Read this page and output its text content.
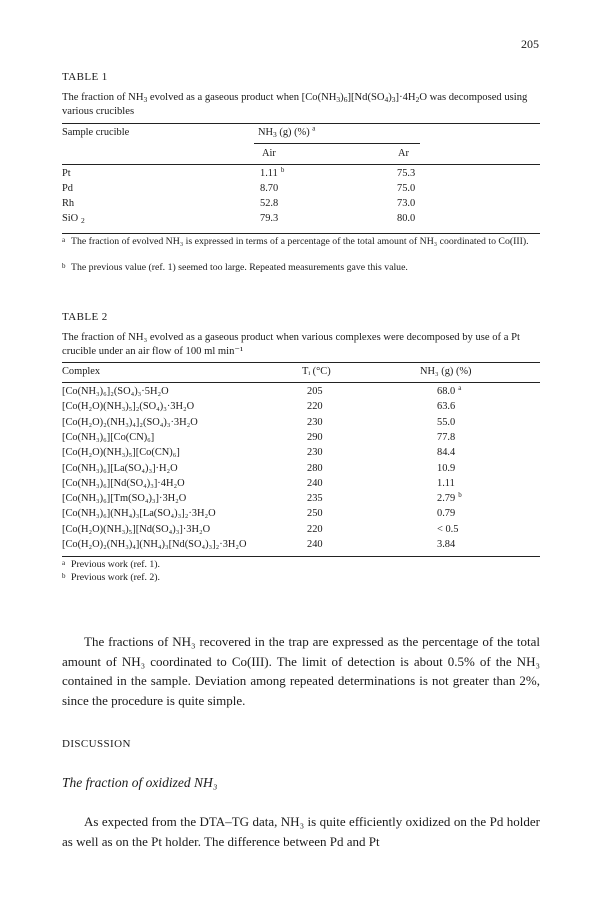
205
TABLE 1
The fraction of $NH_3$ evolved as a gaseous product when $[Co(NH_3)_6][Nd(SO_4)_3]\cdot 4H_2O$ was decomposed using various crucibles
Sample crucible	$NH_3$ (g) (%) $^a$
Air	Ar
Pt	1.11 $^b$	75.3
Pd	8.70	75.0
Rh	52.8	73.0
SiO $_2$	79.3	80.0
a The fraction of evolved NH₃ is expressed in terms of a percentage of the total amount of NH₃ coordinated to Co(III).
b The previous value (ref. 1) seemed too large. Repeated measurements gave this value.
TABLE 2
The fraction of NH₃ evolved as a gaseous product when various complexes were decomposed by use of a Pt crucible under an air flow of 100 ml min⁻¹
Complex	Tᵢ (°C)	NH₃ (g) (%)
[Co(NH₃)₆]₂(SO₄)₃·5H₂O	205	68.0 $^a$
[Co(H₂O)(NH₃)₅]₂(SO₄)₃·3H₂O	220	63.6
[Co(H₂O)₂(NH₃)₄]₂(SO₄)₃·3H₂O	230	55.0
[Co(NH₃)₆][Co(CN)₆]	290	77.8
[Co(H₂O)(NH₃)₅][Co(CN)₆]	230	84.4
[Co(NH₃)₆][La(SO₄)₃]·H₂O	280	10.9
[Co(NH₃)₆][Nd(SO₄)₃]·4H₂O	240	1.11
[Co(NH₃)₆][Tm(SO₄)₃]·3H₂O	235	2.79 $^b$
[Co(NH₃)₆](NH₄)₃[La(SO₄)₃]₂·3H₂O	250	0.79
[Co(H₂O)(NH₃)₅][Nd(SO₄)₃]·3H₂O	220	< 0.5
[Co(H₂O)₂(NH₃)₄](NH₄)₃[Nd(SO₄)₃]₂·3H₂O	240	3.84
a Previous work (ref. 1).
b Previous work (ref. 2).
The fractions of NH₃ recovered in the trap are expressed as the percentage of the total amount of NH₃ coordinated to Co(III). The limit of detection is about 0.5% of the NH₃ contained in the sample. Deviation among repeated determinations is not greater than 2%, since the procedure is quite simple.
DISCUSSION
The fraction of oxidized NH₃
As expected from the DTA–TG data, NH₃ is quite efficiently oxidized on the Pd holder as well as on the Pt holder. The difference between Pd and Pt
